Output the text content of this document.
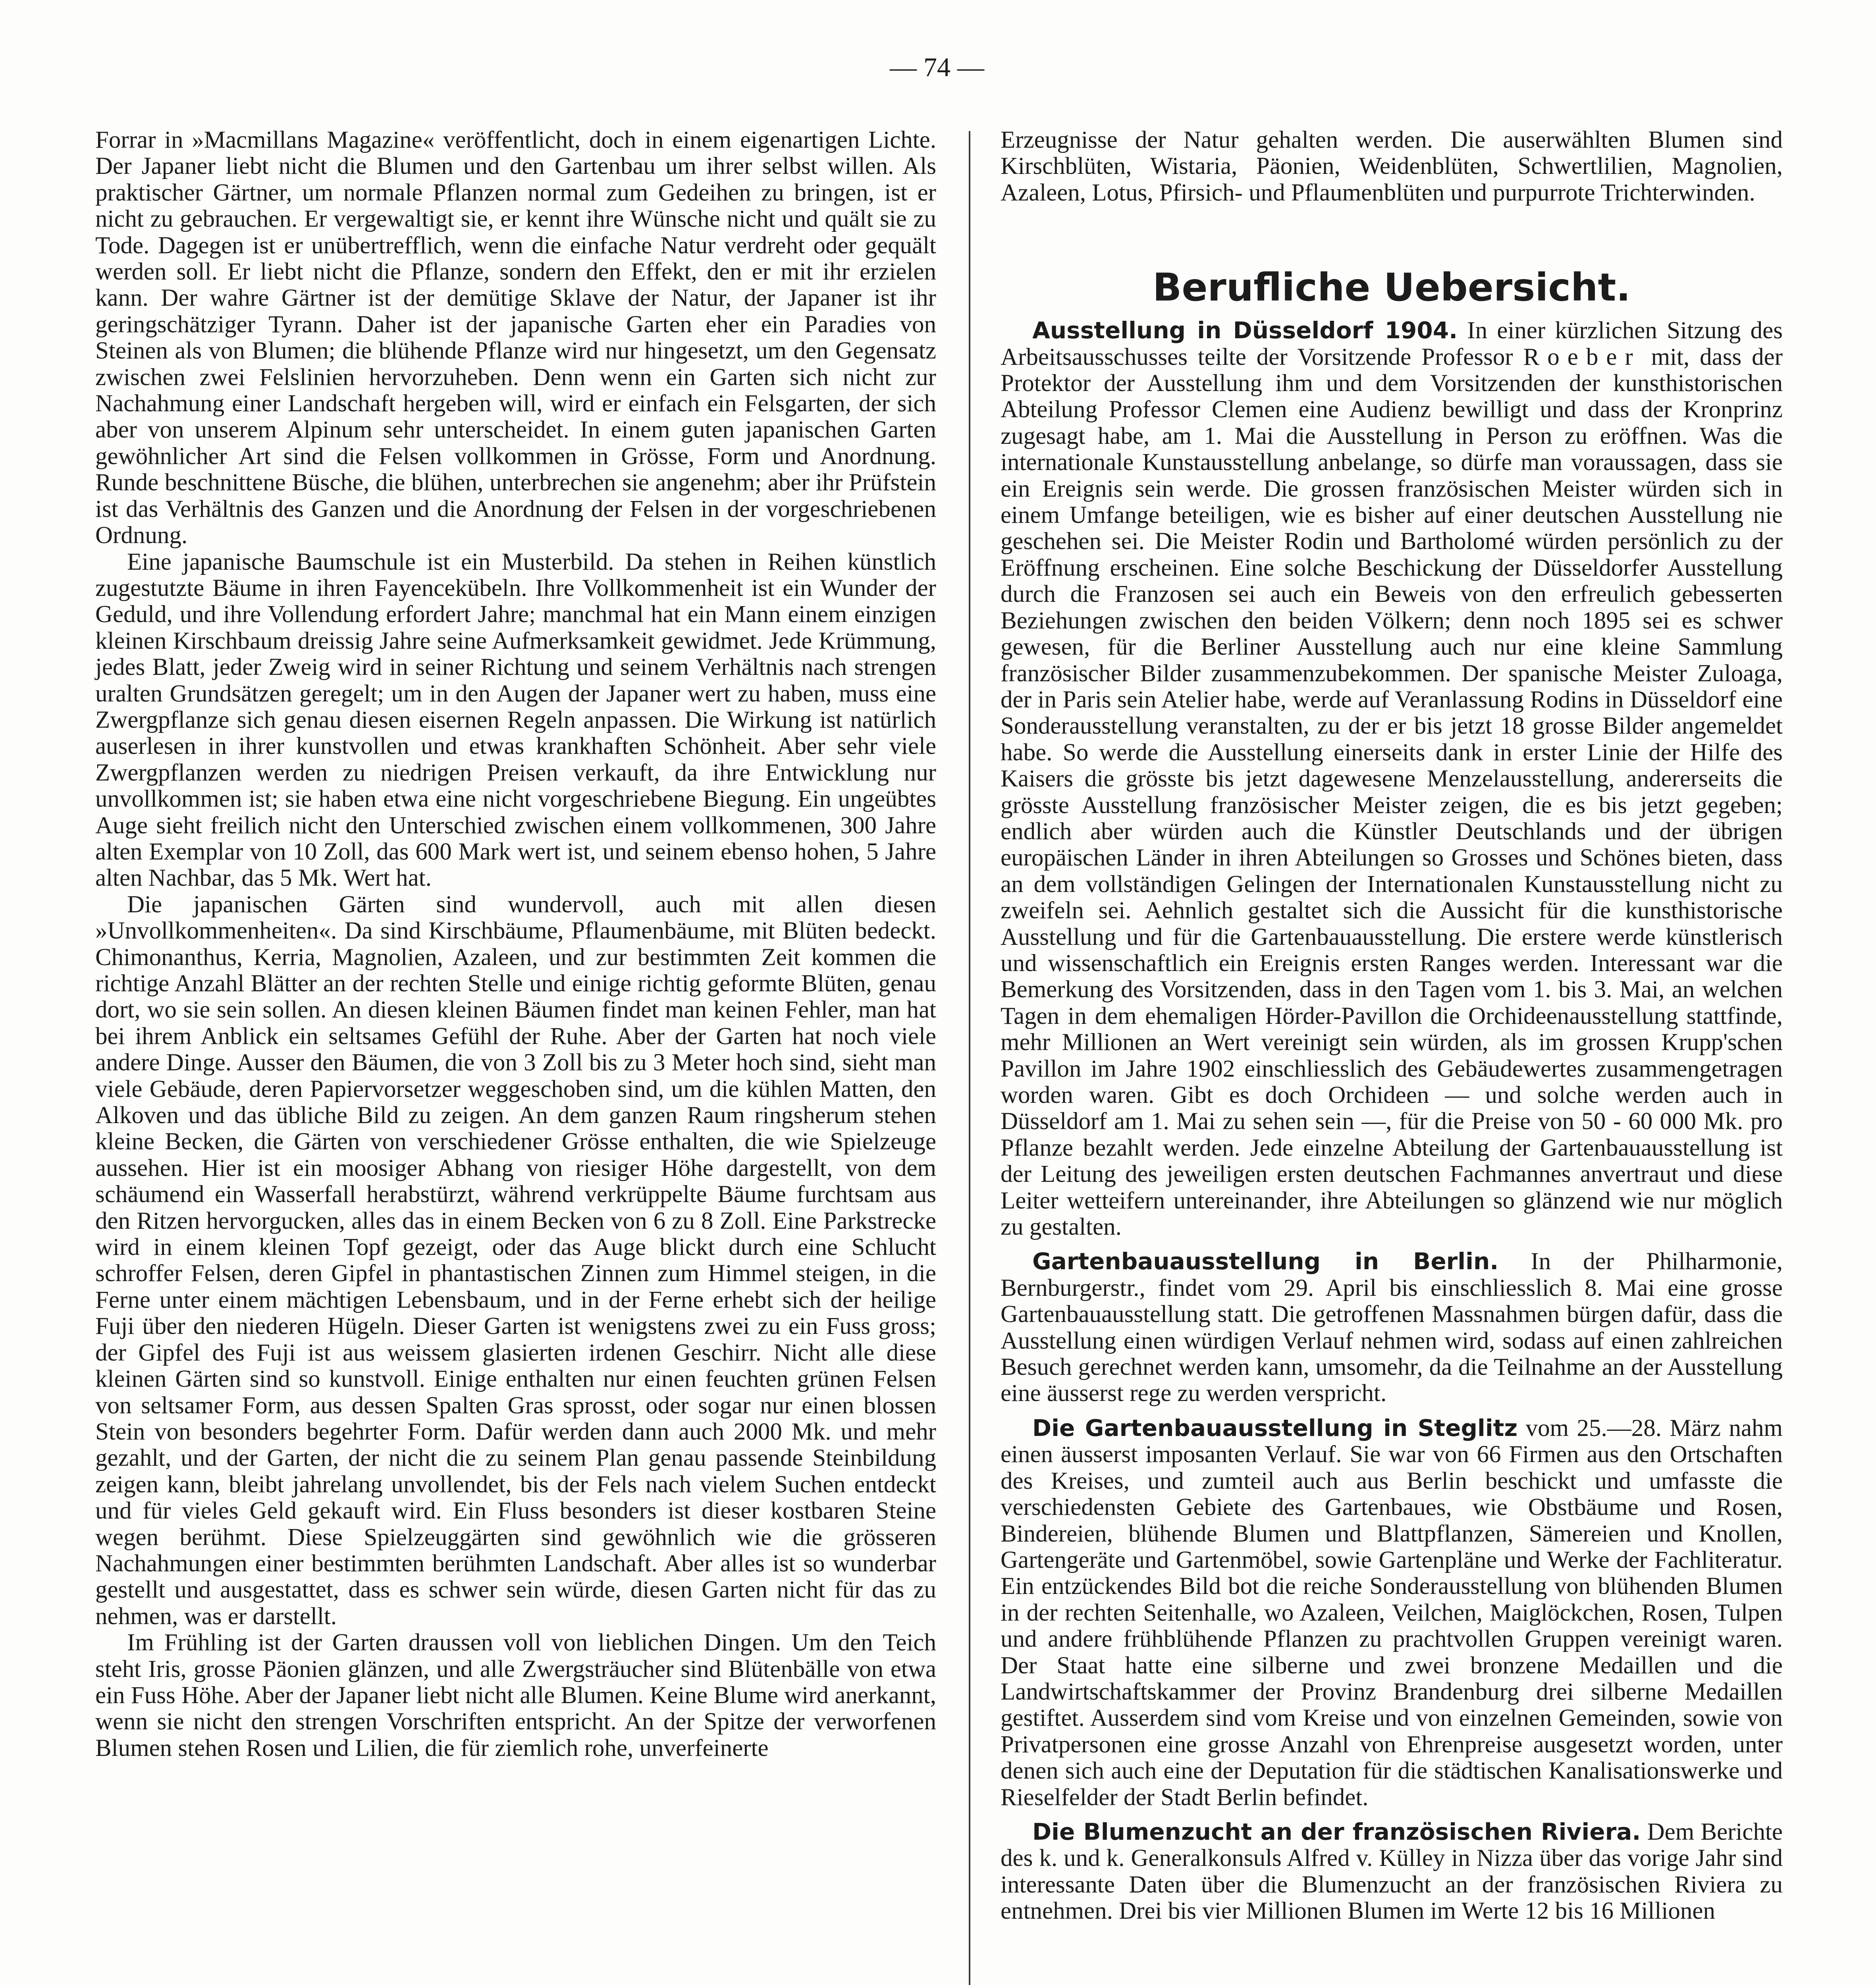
— 74 —

Forrar in »Macmillans Magazine« veröffentlicht, doch in einem eigenartigen Lichte. Der Japaner liebt nicht die Blumen und den Gartenbau um ihrer selbst willen. Als praktischer Gärtner, um normale Pflanzen normal zum Gedeihen zu bringen, ist er nicht zu gebrauchen. Er vergewaltigt sie, er kennt ihre Wünsche nicht und quält sie zu Tode. Dagegen ist er unübertrefflich, wenn die einfache Natur verdreht oder gequält werden soll. Er liebt nicht die Pflanze, sondern den Effekt, den er mit ihr erzielen kann. Der wahre Gärtner ist der demütige Sklave der Natur, der Japaner ist ihr geringschätziger Tyrann. Daher ist der japanische Garten eher ein Paradies von Steinen als von Blumen; die blühende Pflanze wird nur hingesetzt, um den Gegensatz zwischen zwei Felslinien hervorzuheben. Denn wenn ein Garten sich nicht zur Nachahmung einer Landschaft hergeben will, wird er einfach ein Felsgarten, der sich aber von unserem Alpinum sehr unterscheidet. In einem guten japanischen Garten gewöhnlicher Art sind die Felsen vollkommen in Grösse, Form und Anordnung. Runde beschnittene Büsche, die blühen, unterbrechen sie angenehm; aber ihr Prüfstein ist das Verhältnis des Ganzen und die Anordnung der Felsen in der vorgeschriebenen Ordnung.

Eine japanische Baumschule ist ein Musterbild. Da stehen in Reihen künstlich zugestutzte Bäume in ihren Fayencekübeln. Ihre Vollkommenheit ist ein Wunder der Geduld, und ihre Vollendung erfordert Jahre; manchmal hat ein Mann einem einzigen kleinen Kirschbaum dreissig Jahre seine Aufmerksamkeit gewidmet. Jede Krümmung, jedes Blatt, jeder Zweig wird in seiner Richtung und seinem Verhältnis nach strengen uralten Grundsätzen geregelt; um in den Augen der Japaner wert zu haben, muss eine Zwergpflanze sich genau diesen eisernen Regeln anpassen. Die Wirkung ist natürlich auserlesen in ihrer kunstvollen und etwas krankhaften Schönheit. Aber sehr viele Zwergpflanzen werden zu niedrigen Preisen verkauft, da ihre Entwicklung nur unvollkommen ist; sie haben etwa eine nicht vorgeschriebene Biegung. Ein ungeübtes Auge sieht freilich nicht den Unterschied zwischen einem vollkommenen, 300 Jahre alten Exemplar von 10 Zoll, das 600 Mark wert ist, und seinem ebenso hohen, 5 Jahre alten Nachbar, das 5 Mk. Wert hat.

Die japanischen Gärten sind wundervoll, auch mit allen diesen »Unvollkommenheiten«. Da sind Kirschbäume, Pflaumenbäume, mit Blüten bedeckt. Chimonanthus, Kerria, Magnolien, Azaleen, und zur bestimmten Zeit kommen die richtige Anzahl Blätter an der rechten Stelle und einige richtig geformte Blüten, genau dort, wo sie sein sollen. An diesen kleinen Bäumen findet man keinen Fehler, man hat bei ihrem Anblick ein seltsames Gefühl der Ruhe. Aber der Garten hat noch viele andere Dinge. Ausser den Bäumen, die von 3 Zoll bis zu 3 Meter hoch sind, sieht man viele Gebäude, deren Papiervorsetzer weggeschoben sind, um die kühlen Matten, den Alkoven und das übliche Bild zu zeigen. An dem ganzen Raum ringsherum stehen kleine Becken, die Gärten von verschiedener Grösse enthalten, die wie Spielzeuge aussehen. Hier ist ein moosiger Abhang von riesiger Höhe dargestellt, von dem schäumend ein Wasserfall herabstürzt, während verkrüppelte Bäume furchtsam aus den Ritzen hervorgucken, alles das in einem Becken von 6 zu 8 Zoll. Eine Parkstrecke wird in einem kleinen Topf gezeigt, oder das Auge blickt durch eine Schlucht schroffer Felsen, deren Gipfel in phantastischen Zinnen zum Himmel steigen, in die Ferne unter einem mächtigen Lebensbaum, und in der Ferne erhebt sich der heilige Fuji über den niederen Hügeln. Dieser Garten ist wenigstens zwei zu ein Fuss gross; der Gipfel des Fuji ist aus weissem glasierten irdenen Geschirr. Nicht alle diese kleinen Gärten sind so kunstvoll. Einige enthalten nur einen feuchten grünen Felsen von seltsamer Form, aus dessen Spalten Gras sprosst, oder sogar nur einen blossen Stein von besonders begehrter Form. Dafür werden dann auch 2000 Mk. und mehr gezahlt, und der Garten, der nicht die zu seinem Plan genau passende Steinbildung zeigen kann, bleibt jahrelang unvollendet, bis der Fels nach vielem Suchen entdeckt und für vieles Geld gekauft wird. Ein Fluss besonders ist dieser kostbaren Steine wegen berühmt. Diese Spielzeuggärten sind gewöhnlich wie die grösseren Nachahmungen einer bestimmten berühmten Landschaft. Aber alles ist so wunderbar gestellt und ausgestattet, dass es schwer sein würde, diesen Garten nicht für das zu nehmen, was er darstellt.

Im Frühling ist der Garten draussen voll von lieblichen Dingen. Um den Teich steht Iris, grosse Päonien glänzen, und alle Zwergsträucher sind Blütenbälle von etwa ein Fuss Höhe. Aber der Japaner liebt nicht alle Blumen. Keine Blume wird anerkannt, wenn sie nicht den strengen Vorschriften entspricht. An der Spitze der verworfenen Blumen stehen Rosen und Lilien, die für ziemlich rohe, unverfeinerte

Erzeugnisse der Natur gehalten werden. Die auserwählten Blumen sind Kirschblüten, Wistaria, Päonien, Weidenblüten, Schwertlilien, Magnolien, Azaleen, Lotus, Pfirsich- und Pflaumenblüten und purpurrote Trichterwinden.

Berufliche Uebersicht.

Ausstellung in Düsseldorf 1904. In einer kürzlichen Sitzung des Arbeitsausschusses teilte der Vorsitzende Professor Roeber mit, dass der Protektor der Ausstellung ihm und dem Vorsitzenden der kunsthistorischen Abteilung Professor Clemen eine Audienz bewilligt und dass der Kronprinz zugesagt habe, am 1. Mai die Ausstellung in Person zu eröffnen. Was die internationale Kunstausstellung anbelange, so dürfe man voraussagen, dass sie ein Ereignis sein werde. Die grossen französischen Meister würden sich in einem Umfange beteiligen, wie es bisher auf einer deutschen Ausstellung nie geschehen sei. Die Meister Rodin und Bartholomé würden persönlich zu der Eröffnung erscheinen. Eine solche Beschickung der Düsseldorfer Ausstellung durch die Franzosen sei auch ein Beweis von den erfreulich gebesserten Beziehungen zwischen den beiden Völkern; denn noch 1895 sei es schwer gewesen, für die Berliner Ausstellung auch nur eine kleine Sammlung französischer Bilder zusammenzubekommen. Der spanische Meister Zuloaga, der in Paris sein Atelier habe, werde auf Veranlassung Rodins in Düsseldorf eine Sonderausstellung veranstalten, zu der er bis jetzt 18 grosse Bilder angemeldet habe. So werde die Ausstellung einerseits dank in erster Linie der Hilfe des Kaisers die grösste bis jetzt dagewesene Menzelausstellung, andererseits die grösste Ausstellung französischer Meister zeigen, die es bis jetzt gegeben; endlich aber würden auch die Künstler Deutschlands und der übrigen europäischen Länder in ihren Abteilungen so Grosses und Schönes bieten, dass an dem vollständigen Gelingen der Internationalen Kunstausstellung nicht zu zweifeln sei. Aehnlich gestaltet sich die Aussicht für die kunsthistorische Ausstellung und für die Gartenbauausstellung. Die erstere werde künstlerisch und wissenschaftlich ein Ereignis ersten Ranges werden. Interessant war die Bemerkung des Vorsitzenden, dass in den Tagen vom 1. bis 3. Mai, an welchen Tagen in dem ehemaligen Hörder-Pavillon die Orchideenausstellung stattfinde, mehr Millionen an Wert vereinigt sein würden, als im grossen Krupp'schen Pavillon im Jahre 1902 einschliesslich des Gebäudewertes zusammengetragen worden waren. Gibt es doch Orchideen — und solche werden auch in Düsseldorf am 1. Mai zu sehen sein —, für die Preise von 50 - 60 000 Mk. pro Pflanze bezahlt werden. Jede einzelne Abteilung der Gartenbauausstellung ist der Leitung des jeweiligen ersten deutschen Fachmannes anvertraut und diese Leiter wetteifern untereinander, ihre Abteilungen so glänzend wie nur möglich zu gestalten.

Gartenbauausstellung in Berlin. In der Philharmonie, Bernburgerstr., findet vom 29. April bis einschliesslich 8. Mai eine grosse Gartenbauausstellung statt. Die getroffenen Massnahmen bürgen dafür, dass die Ausstellung einen würdigen Verlauf nehmen wird, sodass auf einen zahlreichen Besuch gerechnet werden kann, umsomehr, da die Teilnahme an der Ausstellung eine äusserst rege zu werden verspricht.

Die Gartenbauausstellung in Steglitz vom 25.—28. März nahm einen äusserst imposanten Verlauf. Sie war von 66 Firmen aus den Ortschaften des Kreises, und zumteil auch aus Berlin beschickt und umfasste die verschiedensten Gebiete des Gartenbaues, wie Obstbäume und Rosen, Bindereien, blühende Blumen und Blattpflanzen, Sämereien und Knollen, Gartengeräte und Gartenmöbel, sowie Gartenpläne und Werke der Fachliteratur. Ein entzückendes Bild bot die reiche Sonderausstellung von blühenden Blumen in der rechten Seitenhalle, wo Azaleen, Veilchen, Maiglöckchen, Rosen, Tulpen und andere frühblühende Pflanzen zu prachtvollen Gruppen vereinigt waren. Der Staat hatte eine silberne und zwei bronzene Medaillen und die Landwirtschaftskammer der Provinz Brandenburg drei silberne Medaillen gestiftet. Ausserdem sind vom Kreise und von einzelnen Gemeinden, sowie von Privatpersonen eine grosse Anzahl von Ehrenpreise ausgesetzt worden, unter denen sich auch eine der Deputation für die städtischen Kanalisationswerke und Rieselfelder der Stadt Berlin befindet.

Die Blumenzucht an der französischen Riviera. Dem Berichte des k. und k. Generalkonsuls Alfred v. Külley in Nizza über das vorige Jahr sind interessante Daten über die Blumenzucht an der französischen Riviera zu entnehmen. Drei bis vier Millionen Blumen im Werte 12 bis 16 Millionen
